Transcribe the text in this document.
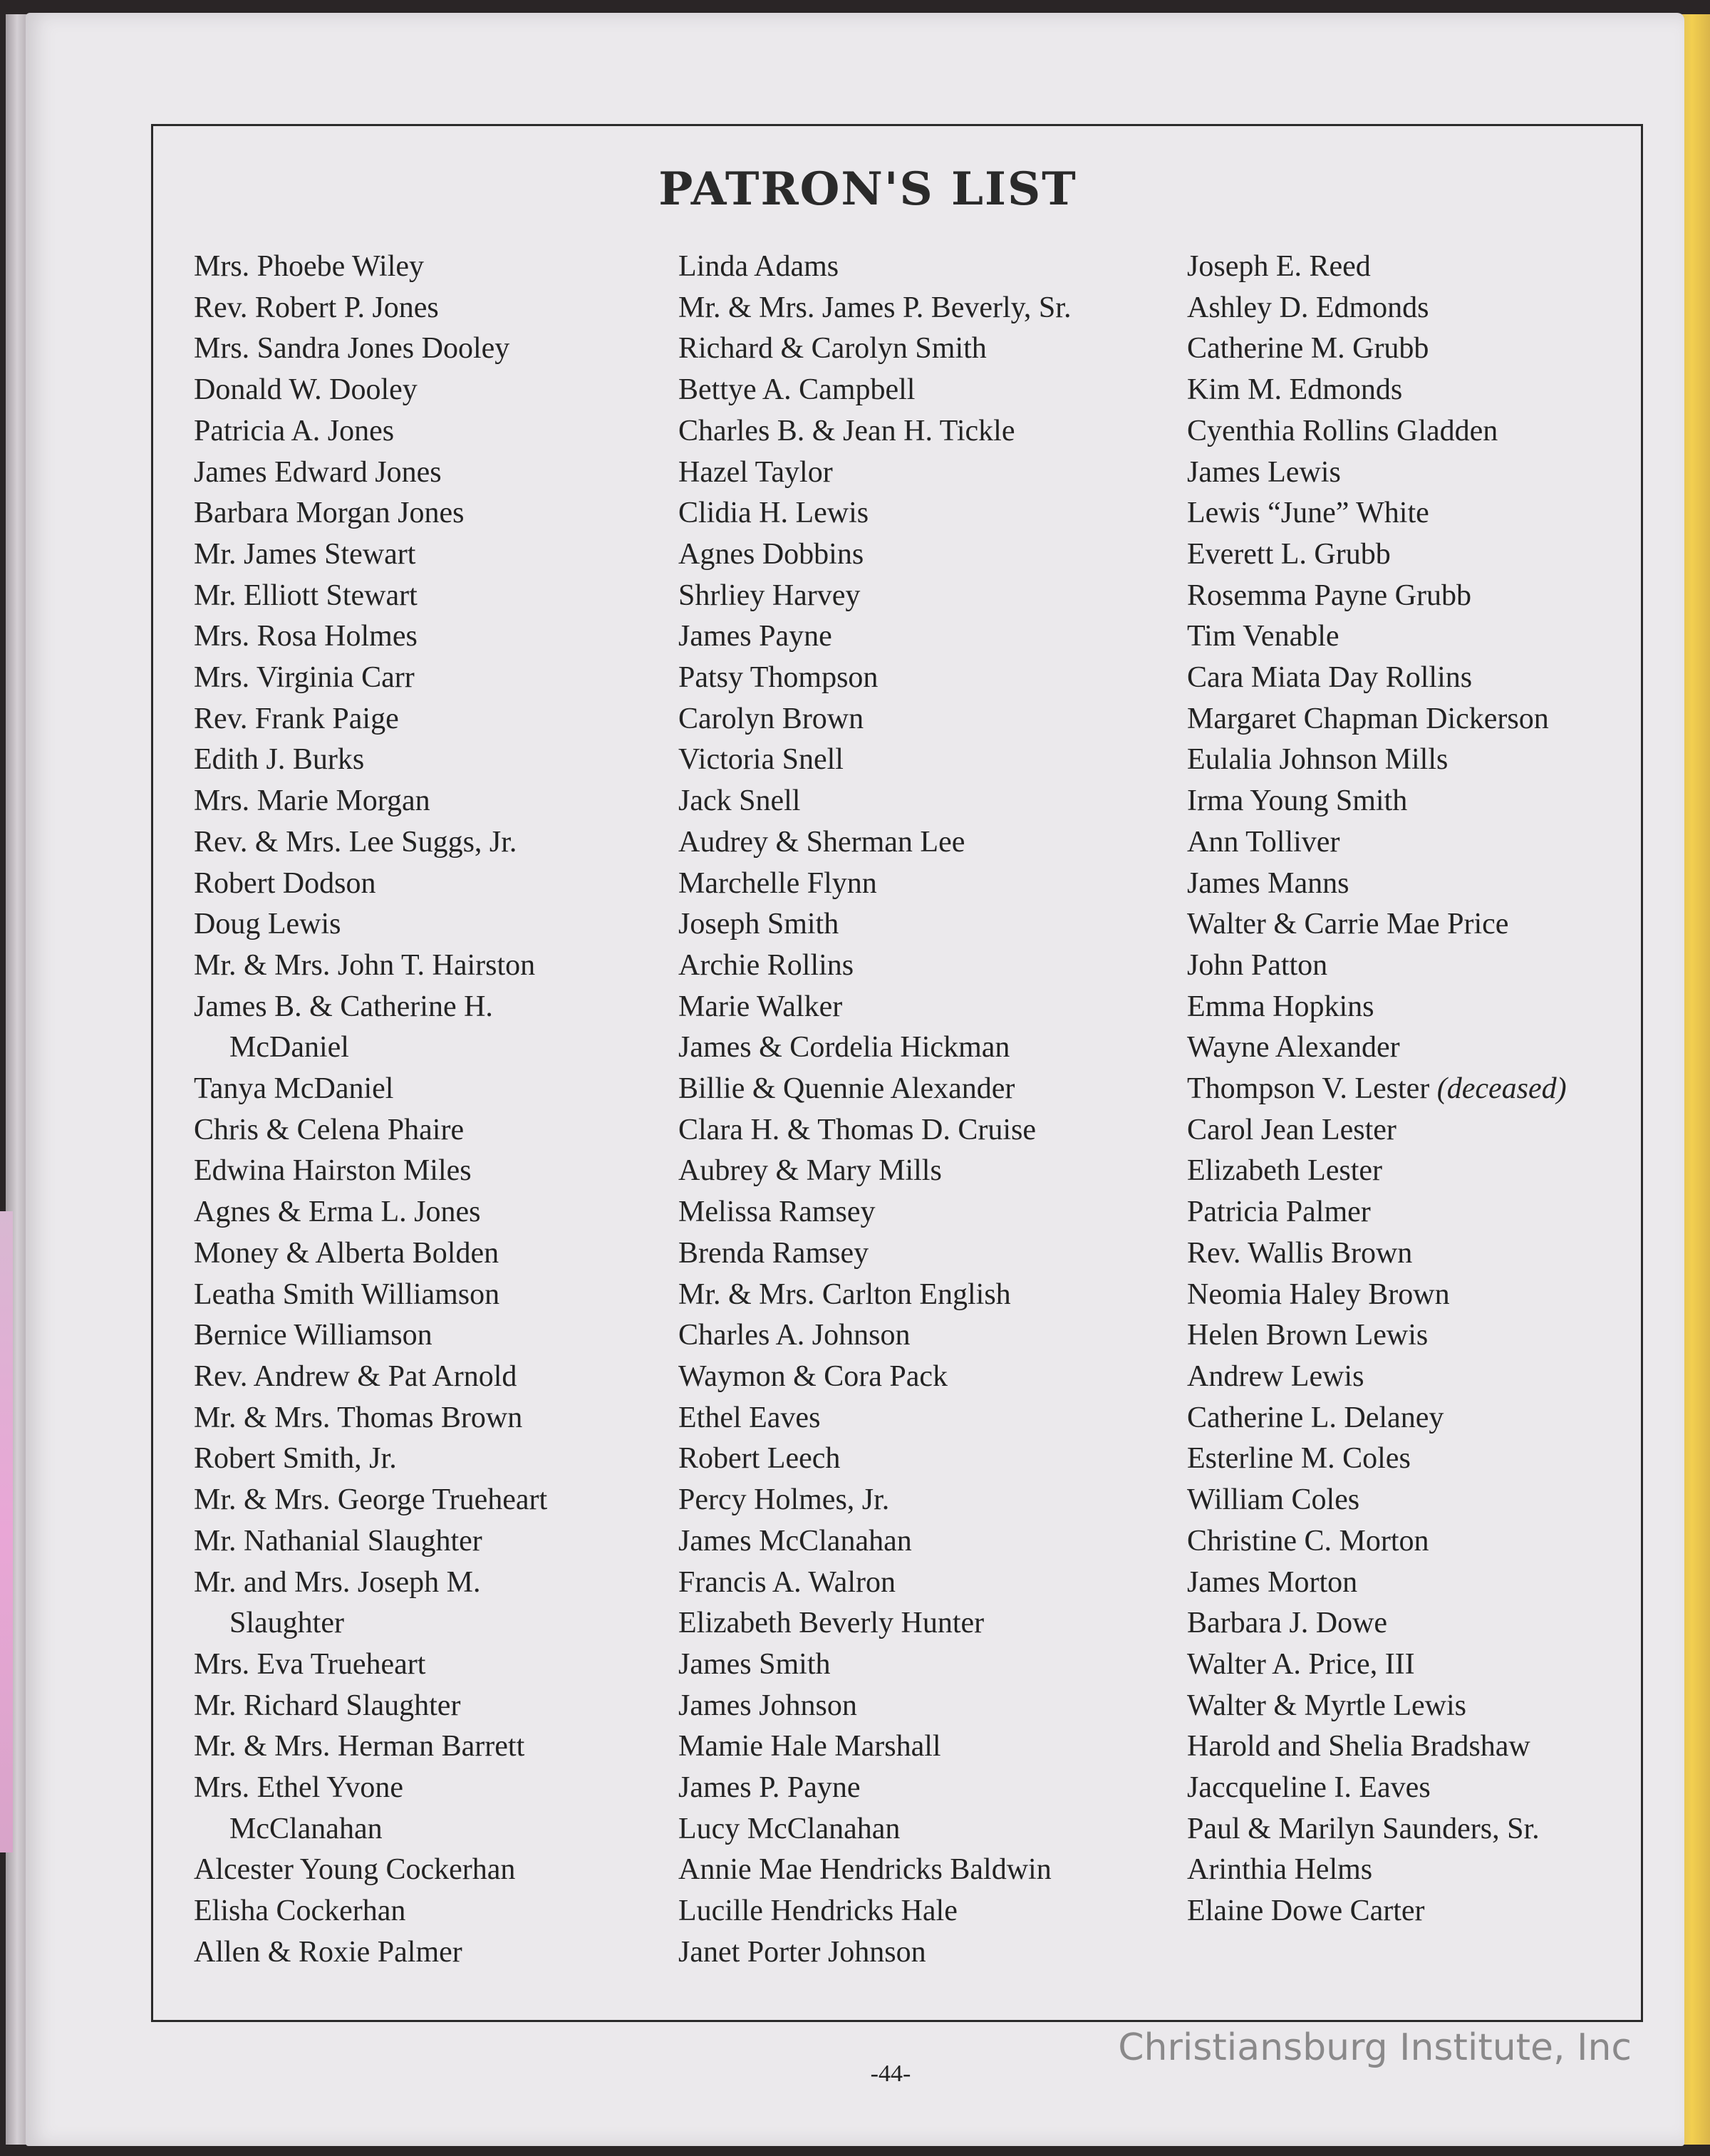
PATRON'S LIST
Mrs. Phoebe Wiley
Rev. Robert P. Jones
Mrs. Sandra Jones Dooley
Donald W. Dooley
Patricia A. Jones
James Edward Jones
Barbara Morgan Jones
Mr. James Stewart
Mr. Elliott Stewart
Mrs. Rosa Holmes
Mrs. Virginia Carr
Rev. Frank Paige
Edith J. Burks
Mrs. Marie Morgan
Rev. & Mrs. Lee Suggs, Jr.
Robert Dodson
Doug Lewis
Mr. & Mrs. John T. Hairston
James B. & Catherine H.
McDaniel
Tanya McDaniel
Chris & Celena Phaire
Edwina Hairston Miles
Agnes & Erma L. Jones
Money & Alberta Bolden
Leatha Smith Williamson
Bernice Williamson
Rev. Andrew & Pat Arnold
Mr. & Mrs. Thomas Brown
Robert Smith, Jr.
Mr. & Mrs. George Trueheart
Mr. Nathanial Slaughter
Mr. and Mrs. Joseph M.
Slaughter
Mrs. Eva Trueheart
Mr. Richard Slaughter
Mr. & Mrs. Herman Barrett
Mrs. Ethel Yvone
McClanahan
Alcester Young Cockerhan
Elisha Cockerhan
Allen & Roxie Palmer
Linda Adams
Mr. & Mrs. James P. Beverly, Sr.
Richard & Carolyn Smith
Bettye A. Campbell
Charles B. & Jean H. Tickle
Hazel Taylor
Clidia H. Lewis
Agnes Dobbins
Shrliey Harvey
James Payne
Patsy Thompson
Carolyn Brown
Victoria Snell
Jack Snell
Audrey & Sherman Lee
Marchelle Flynn
Joseph Smith
Archie Rollins
Marie Walker
James & Cordelia Hickman
Billie & Quennie Alexander
Clara H. & Thomas D. Cruise
Aubrey & Mary Mills
Melissa Ramsey
Brenda Ramsey
Mr. & Mrs. Carlton English
Charles A. Johnson
Waymon & Cora Pack
Ethel Eaves
Robert Leech
Percy Holmes, Jr.
James McClanahan
Francis A. Walron
Elizabeth Beverly Hunter
James Smith
James Johnson
Mamie Hale Marshall
James P. Payne
Lucy McClanahan
Annie Mae Hendricks Baldwin
Lucille Hendricks Hale
Janet Porter Johnson
Joseph E. Reed
Ashley D. Edmonds
Catherine M. Grubb
Kim M. Edmonds
Cyenthia Rollins Gladden
James Lewis
Lewis “June” White
Everett L. Grubb
Rosemma Payne Grubb
Tim Venable
Cara Miata Day Rollins
Margaret Chapman Dickerson
Eulalia Johnson Mills
Irma Young Smith
Ann Tolliver
James Manns
Walter & Carrie Mae Price
John Patton
Emma Hopkins
Wayne Alexander
Thompson V. Lester (deceased)
Carol Jean Lester
Elizabeth Lester
Patricia Palmer
Rev. Wallis Brown
Neomia Haley Brown
Helen Brown Lewis
Andrew Lewis
Catherine L. Delaney
Esterline M. Coles
William Coles
Christine C. Morton
James Morton
Barbara J. Dowe
Walter A. Price, III
Walter & Myrtle Lewis
Harold and Shelia Bradshaw
Jaccqueline I. Eaves
Paul & Marilyn Saunders, Sr.
Arinthia Helms
Elaine Dowe Carter

-44-

Christiansburg Institute, Inc
